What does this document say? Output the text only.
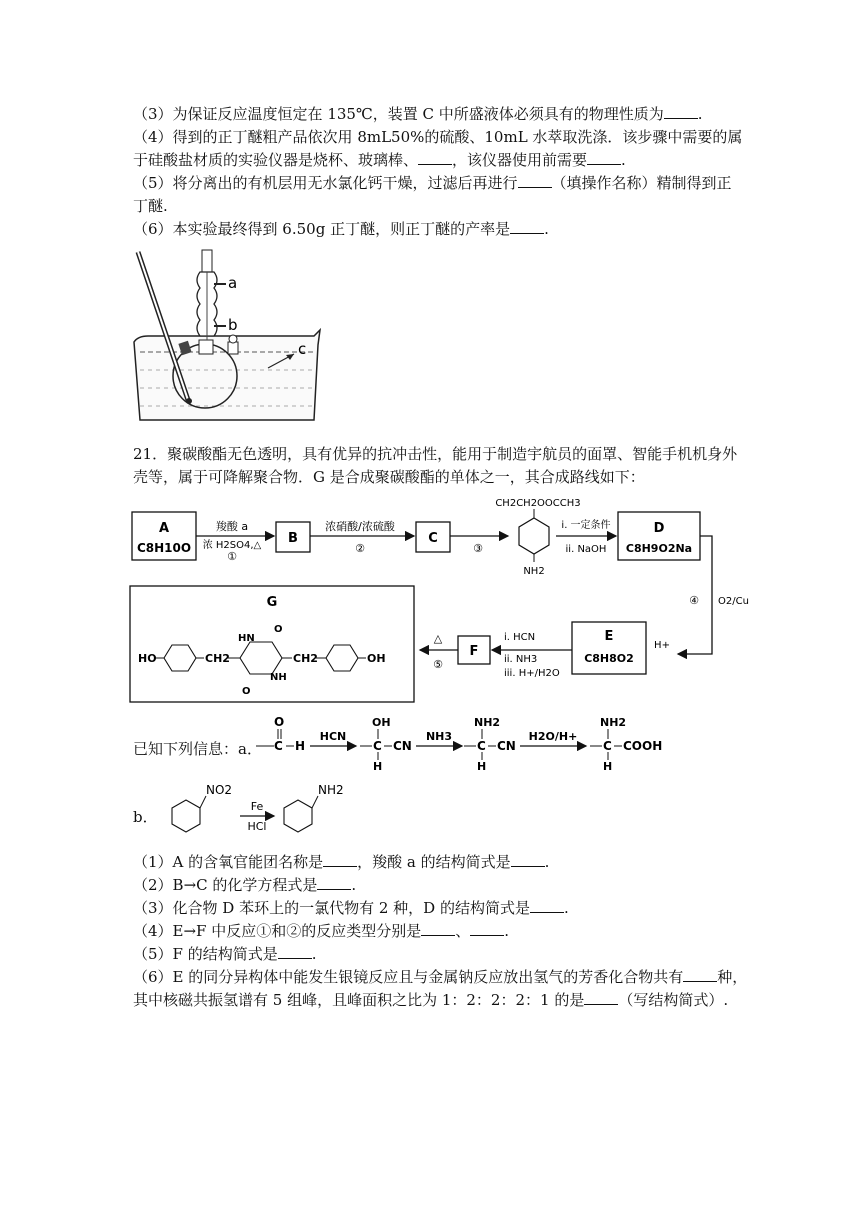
（3）为保证反应温度恒定在 135℃，装置 C 中所盛液体必须具有的物理性质为 .
（4）得到的正丁醚粗产品依次用 8mL50%的硫酸、10mL 水萃取洗涤．该步骤中需要的属
于硅酸盐材质的实验仪器是烧杯、玻璃棒、 ，该仪器使用前需要 .
（5）将分离出的有机层用无水氯化钙干燥，过滤后再进行 （填操作名称）精制得到正
丁醚.
（6）本实验最终得到 6.50g 正丁醚，则正丁醚的产率是 .
a
b
c
21．聚碳酸酯无色透明，具有优异的抗冲击性，能用于制造宇航员的面罩、智能手机机身外
壳等，属于可降解聚合物．G 是合成聚碳酸酯的单体之一，其合成路线如下：
A
C8H10O
羧酸 a
浓 H2SO4,△
①
B
浓硝酸/浓硫酸
②
C
③
CH2CH2OOCCH3
NH2
i. 一定条件
ii. NaOH
D
C8H9O2Na
④ O2/Cu
H+
E
C8H8O2
i. HCN
ii. NH3
iii. H+/H2O
F
△
⑤
G
HO	CH2
HN
NH
O
O
CH2	OH
已知下列信息：a． C
O
H
HCN
OH
C
H
CN
NH3
NH2
C
H
CN
H2O/H+
NH2
C
H
COOH
b．
NO2
Fe
HCl
NH2
（1）A 的含氧官能团名称是 ，羧酸 a 的结构简式是 .
（2）B→C 的化学方程式是 .
（3）化合物 D 苯环上的一氯代物有 2 种，D 的结构简式是 .
（4）E→F 中反应①和②的反应类型分别是 、 .
（5）F 的结构简式是 .
（6）E 的同分异构体中能发生银镜反应且与金属钠反应放出氢气的芳香化合物共有 种，
其中核磁共振氢谱有 5 组峰，且峰面积之比为 1：2：2：2：1 的是 （写结构简式）.
